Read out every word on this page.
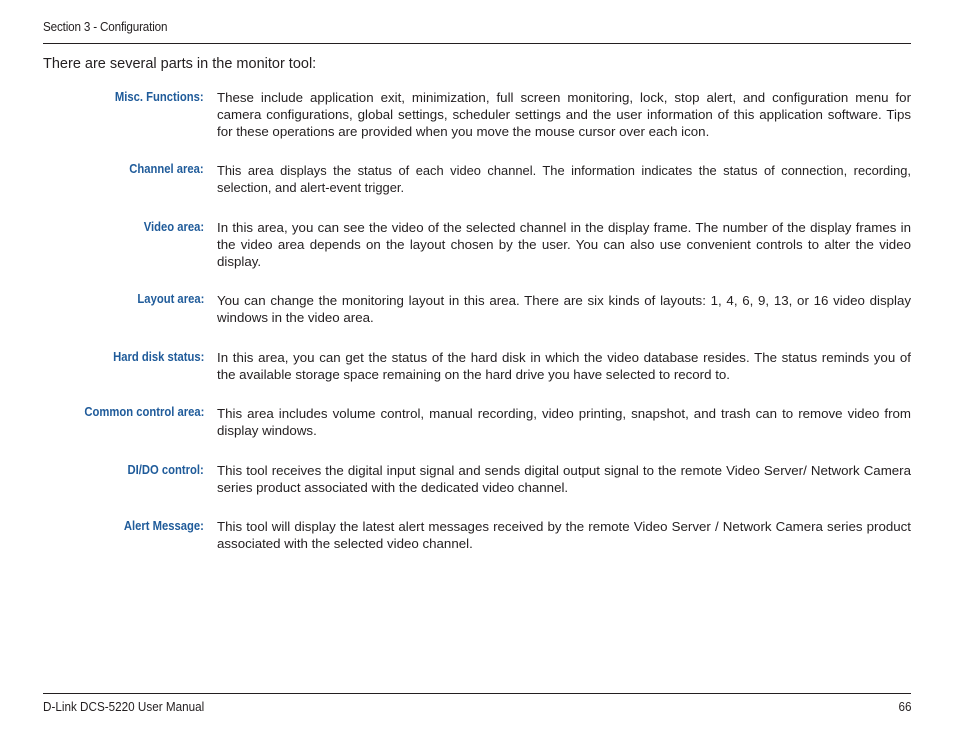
Section 3 - Configuration
There are several parts in the monitor tool:
Misc. Functions: These include application exit, minimization, full screen monitoring, lock, stop alert, and configuration menu for camera configurations, global settings, scheduler settings and the user information of this application software. Tips for these operations are provided when you move the mouse cursor over each icon.
Channel area: This area displays the status of each video channel. The information indicates the status of connection, recording, selection, and alert-event trigger.
Video area: In this area, you can see the video of the selected channel in the display frame. The number of the display frames in the video area depends on the layout chosen by the user. You can also use convenient controls to alter the video display.
Layout area: You can change the monitoring layout in this area. There are six kinds of layouts: 1, 4, 6, 9, 13, or 16 video display windows in the video area.
Hard disk status: In this area, you can get the status of the hard disk in which the video database resides. The status reminds you of the available storage space remaining on the hard drive you have selected to record to.
Common control area: This area includes volume control, manual recording, video printing, snapshot, and trash can to remove video from display windows.
DI/DO control: This tool receives the digital input signal and sends digital output signal to the remote Video Server/ Network Camera series product associated with the dedicated video channel.
Alert Message: This tool will display the latest alert messages received by the remote Video Server / Network Camera series product associated with the selected video channel.
D-Link DCS-5220 User Manual	66
